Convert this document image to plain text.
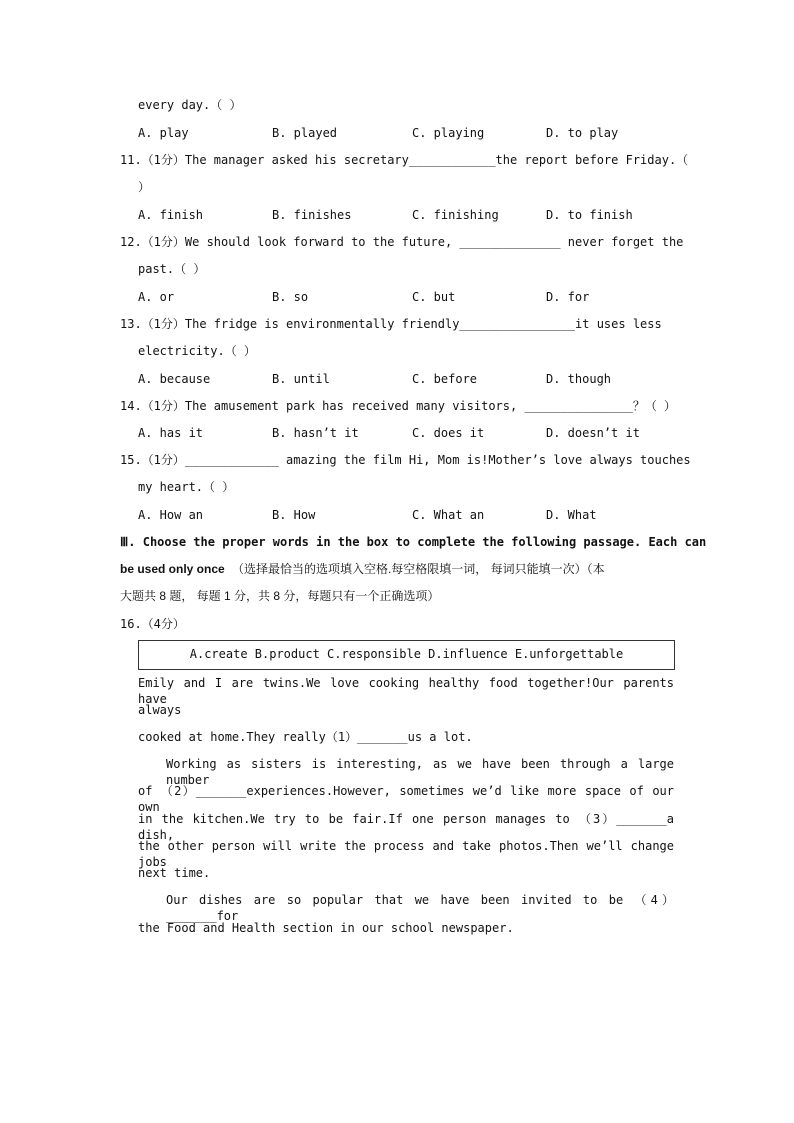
every day.（ ）
A. play	B. played	C. playing	D. to play
11.（1分）The manager asked his secretary____________the report before Friday.（
）
A. finish	B. finishes	C. finishing	D. to finish
12.（1分）We should look forward to the future, ______________ never forget the
past.（ ）
A. or	B. so	C. but	D. for
13.（1分）The fridge is environmentally friendly________________it uses less
electricity.（ ）
A. because	B. until	C. before	D. though
14.（1分）The amusement park has received many visitors, _______________？（ ）
A. has it	B. hasn’t it	C. does it	D. doesn’t it
15.（1分）_____________ amazing the film Hi, Mom is!Mother’s love always touches
my heart.（ ）
A. How an	B. How	C. What an	D. What
Ⅲ. Choose the proper words in the box to complete the following passage. Each can
be used only once （选择最恰当的选项填入空格.每空格限填一词， 每词只能填一次）（本
大题共 8 题， 每题 1 分，共 8 分，每题只有一个正确选项）
16.（4分）
A.create B.product C.responsible D.influence E.unforgettable
Emily and I are twins.We love cooking healthy food together!Our parents have
always
cooked at home.They really（1）_______us a lot.
Working as sisters is interesting, as we have been through a large number
of （2）_______experiences.However, sometimes we’d like more space of our own
in the kitchen.We try to be fair.If one person manages to （3）_______a dish,
the other person will write the process and take photos.Then we’ll change jobs
next time.
Our dishes are so popular that we have been invited to be （4）_______for
the Food and Health section in our school newspaper.
